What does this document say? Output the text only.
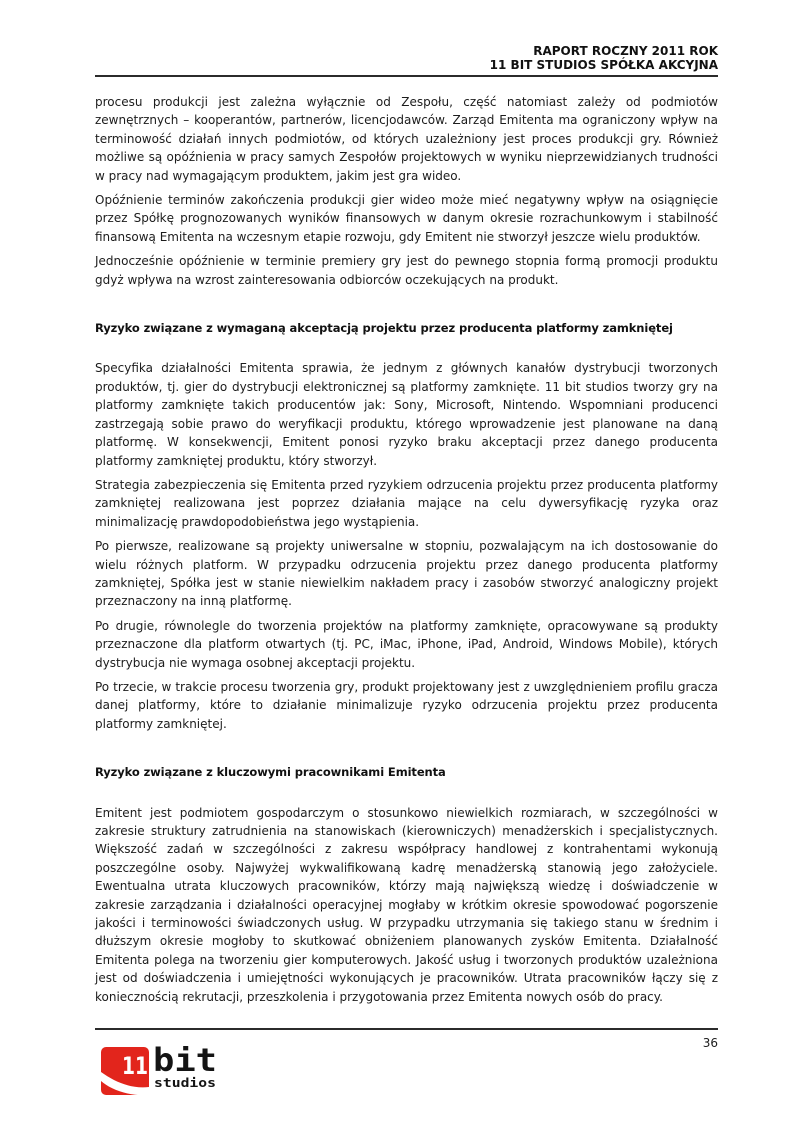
RAPORT ROCZNY 2011 ROK
11 BIT STUDIOS SPÓŁKA AKCYJNA

procesu produkcji jest zależna wyłącznie od Zespołu, część natomiast zależy od podmiotów zewnętrznych – kooperantów, partnerów, licencjodawców. Zarząd Emitenta ma ograniczony wpływ na terminowość działań innych podmiotów, od których uzależniony jest proces produkcji gry. Również możliwe są opóźnienia w pracy samych Zespołów projektowych w wyniku nieprzewidzianych trudności w pracy nad wymagającym produktem, jakim jest gra wideo.

Opóźnienie terminów zakończenia produkcji gier wideo może mieć negatywny wpływ na osiągnięcie przez Spółkę prognozowanych wyników finansowych w danym okresie rozrachunkowym i stabilność finansową Emitenta na wczesnym etapie rozwoju, gdy Emitent nie stworzył jeszcze wielu produktów.

Jednocześnie opóźnienie w terminie premiery gry jest do pewnego stopnia formą promocji produktu gdyż wpływa na wzrost zainteresowania odbiorców oczekujących na produkt.

Ryzyko związane z wymaganą akceptacją projektu przez producenta platformy zamkniętej

Specyfika działalności Emitenta sprawia, że jednym z głównych kanałów dystrybucji tworzonych produktów, tj. gier do dystrybucji elektronicznej są platformy zamknięte. 11 bit studios tworzy gry na platformy zamknięte takich producentów jak: Sony, Microsoft, Nintendo. Wspomniani producenci zastrzegają sobie prawo do weryfikacji produktu, którego wprowadzenie jest planowane na daną platformę. W konsekwencji, Emitent ponosi ryzyko braku akceptacji przez danego producenta platformy zamkniętej produktu, który stworzył.

Strategia zabezpieczenia się Emitenta przed ryzykiem odrzucenia projektu przez producenta platformy zamkniętej realizowana jest poprzez działania mające na celu dywersyfikację ryzyka oraz minimalizację prawdopodobieństwa jego wystąpienia.

Po pierwsze, realizowane są projekty uniwersalne w stopniu, pozwalającym na ich dostosowanie do wielu różnych platform. W przypadku odrzucenia projektu przez danego producenta platformy zamkniętej, Spółka jest w stanie niewielkim nakładem pracy i zasobów stworzyć analogiczny projekt przeznaczony na inną platformę.

Po drugie, równolegle do tworzenia projektów na platformy zamknięte, opracowywane są produkty przeznaczone dla platform otwartych (tj. PC, iMac, iPhone, iPad, Android, Windows Mobile), których dystrybucja nie wymaga osobnej akceptacji projektu.

Po trzecie, w trakcie procesu tworzenia gry, produkt projektowany jest z uwzględnieniem profilu gracza danej platformy, które to działanie minimalizuje ryzyko odrzucenia projektu przez producenta platformy zamkniętej.

Ryzyko związane z kluczowymi pracownikami Emitenta

Emitent jest podmiotem gospodarczym o stosunkowo niewielkich rozmiarach, w szczególności w zakresie struktury zatrudnienia na stanowiskach (kierowniczych) menadżerskich i specjalistycznych. Większość zadań w szczególności z zakresu współpracy handlowej z kontrahentami wykonują poszczególne osoby. Najwyżej wykwalifikowaną kadrę menadżerską stanowią jego założyciele. Ewentualna utrata kluczowych pracowników, którzy mają największą wiedzę i doświadczenie w zakresie zarządzania i działalności operacyjnej mogłaby w krótkim okresie spowodować pogorszenie jakości i terminowości świadczonych usług. W przypadku utrzymania się takiego stanu w średnim i dłuższym okresie mogłoby to skutkować obniżeniem planowanych zysków Emitenta. Działalność Emitenta polega na tworzeniu gier komputerowych. Jakość usług i tworzonych produktów uzależniona jest od doświadczenia i umiejętności wykonujących je pracowników. Utrata pracowników łączy się z koniecznością rekrutacji, przeszkolenia i przygotowania przez Emitenta nowych osób do pracy.

36
11 bit
studios
